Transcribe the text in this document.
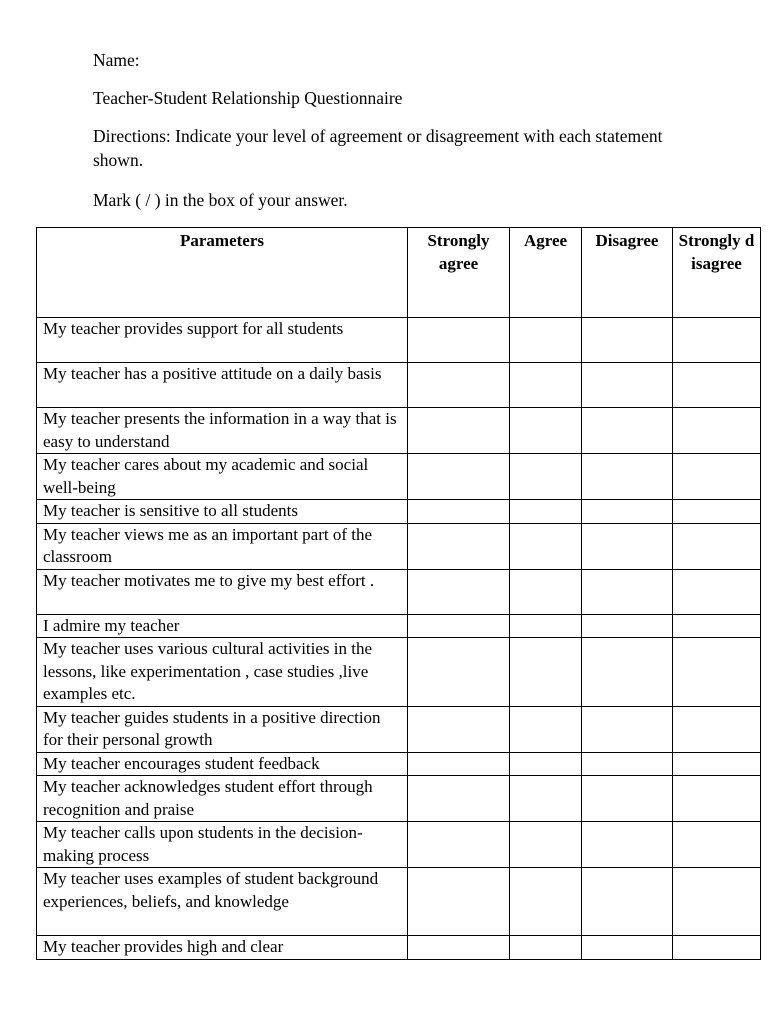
Name:

Teacher-Student Relationship Questionnaire

Directions: Indicate your level of agreement or disagreement with each statement shown.

Mark ( / ) in the box of your answer.

Parameters	Strongly agree	Agree	Disagree	Strongly disagree

My teacher provides support for all students				
My teacher has a positive attitude on a daily basis				
My teacher presents the information in a way that is easy to understand				
My teacher cares about my academic and social well-being				
My teacher is sensitive to all students				
My teacher views me as an important part of the classroom				
My teacher motivates me to give my best effort .				
I admire my teacher				
My teacher uses various cultural activities in the lessons, like experimentation , case studies ,live examples etc.				
My teacher guides students in a positive direction for their personal growth				
My teacher encourages student feedback				
My teacher acknowledges student effort through recognition and praise				
My teacher calls upon students in the decision-making process				
My teacher uses examples of student background experiences, beliefs, and knowledge				
My teacher provides high and clear				
